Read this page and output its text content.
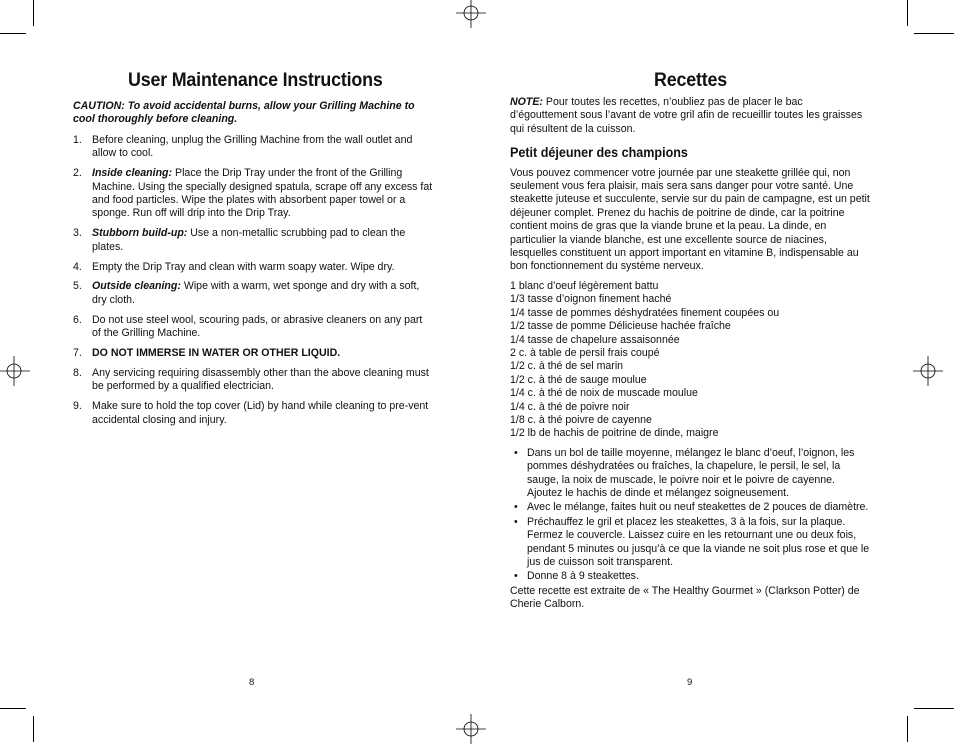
User Maintenance Instructions

CAUTION: To avoid accidental burns, allow your Grilling Machine to cool thoroughly before cleaning.

1. Before cleaning, unplug the Grilling Machine from the wall outlet and allow to cool.
2. Inside cleaning: Place the Drip Tray under the front of the Grilling Machine. Using the specially designed spatula, scrape off any excess fat and food particles. Wipe the plates with absorbent paper towel or a sponge. Run off will drip into the Drip Tray.
3. Stubborn build-up: Use a non-metallic scrubbing pad to clean the plates.
4. Empty the Drip Tray and clean with warm soapy water. Wipe dry.
5. Outside cleaning: Wipe with a warm, wet sponge and dry with a soft, dry cloth.
6. Do not use steel wool, scouring pads, or abrasive cleaners on any part of the Grilling Machine.
7. DO NOT IMMERSE IN WATER OR OTHER LIQUID.
8. Any servicing requiring disassembly other than the above cleaning must be performed by a qualified electrician.
9. Make sure to hold the top cover (Lid) by hand while cleaning to pre-vent accidental closing and injury.
8
Recettes

NOTE: Pour toutes les recettes, n’oubliez pas de placer le bac d’égouttement sous l’avant de votre gril afin de recueillir toutes les graisses qui résultent de la cuisson.

Petit déjeuner des champions

Vous pouvez commencer votre journée par une steakette grillée qui, non seulement vous fera plaisir, mais sera sans danger pour votre santé. Une steakette juteuse et succulente, servie sur du pain de campagne, est un petit déjeuner complet. Prenez du hachis de poitrine de dinde, car la poitrine contient moins de gras que la viande brune et la peau. La dinde, en particulier la viande blanche, est une excellente source de niacines, lesquelles constituent un apport important en vitamine B, indispensable au bon fonctionnement du système nerveux.

1 blanc d’oeuf légèrement battu
1/3 tasse d’oignon finement haché
1/4 tasse de pommes déshydratées finement coupées ou
1/2 tasse de pomme Délicieuse hachée fraîche
1/4 tasse de chapelure assaisonnée
2 c. à table de persil frais coupé
1/2 c. à thé de sel marin
1/2 c. à thé de sauge moulue
1/4 c. à thé de noix de muscade moulue
1/4 c. à thé de poivre noir
1/8 c. à thé poivre de cayenne
1/2 lb de hachis de poitrine de dinde, maigre
• Dans un bol de taille moyenne, mélangez le blanc d’oeuf, l’oignon, les pommes déshydratées ou fraîches, la chapelure, le persil, le sel, la sauge, la noix de muscade, le poivre noir et le poivre de cayenne. Ajoutez le hachis de dinde et mélangez soigneusement.
• Avec le mélange, faites huit ou neuf steakettes de 2 pouces de diamètre.
• Préchauffez le gril et placez les steakettes, 3 à la fois, sur la plaque. Fermez le couvercle. Laissez cuire en les retournant une ou deux fois, pendant 5 minutes ou jusqu’à ce que la viande ne soit plus rose et que le jus de cuisson soit transparent.
• Donne 8 à 9 steakettes.

Cette recette est extraite de « The Healthy Gourmet » (Clarkson Potter) de Cherie Calborn.

9
